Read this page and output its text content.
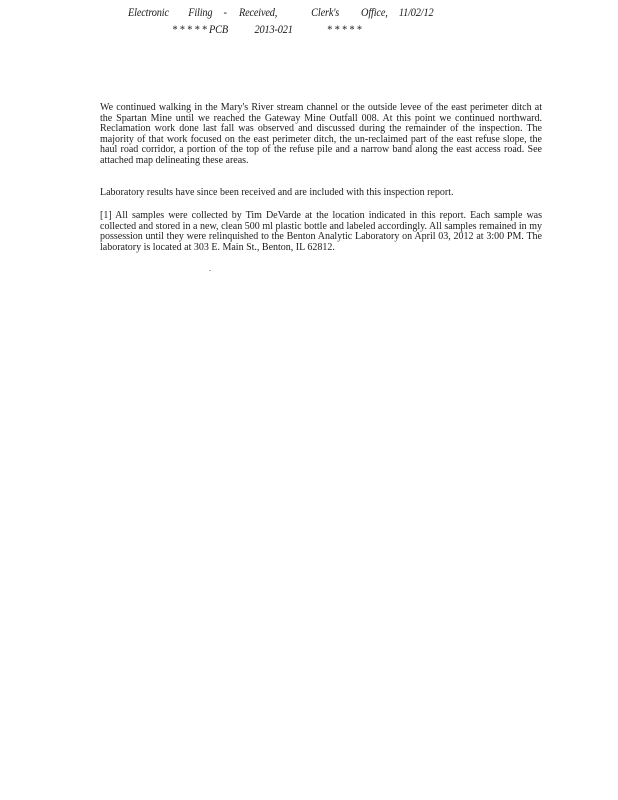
Electronic Filing - Received,	Clerk's Office, 11/02/12
* * * * * PCB 2013-021	* * * * *

We continued walking in the Mary's River stream channel or the outside levee of the east perimeter ditch at the Spartan Mine until we reached the Gateway Mine Outfall 008. At this point we continued northward. Reclamation work done last fall was observed and discussed during the remainder of the inspection. The majority of that work focused on the east perimeter ditch, the un-reclaimed part of the east refuse slope, the haul road corridor, a portion of the top of the refuse pile and a narrow band along the east access road. See attached map delineating these areas.

Laboratory results have since been received and are included with this inspection report.

[1] All samples were collected by Tim DeVarde at the location indicated in this report. Each sample was collected and stored in a new, clean 500 ml plastic bottle and labeled accordingly. All samples remained in my possession until they were relinquished to the Benton Analytic Laboratory on April 03, 2012 at 3:00 PM. The laboratory is located at 303 E. Main St., Benton, IL 62812.

.
